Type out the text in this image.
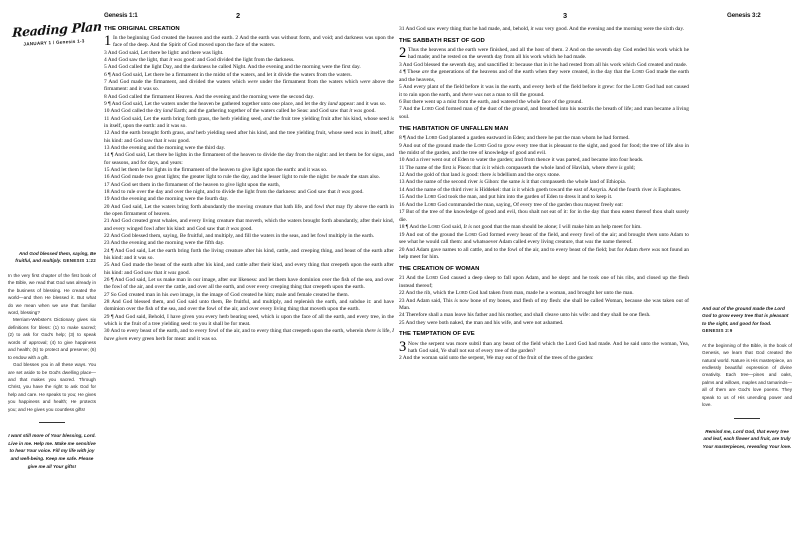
Reading Plan
JANUARY 1 / Genesis 1-3
Genesis 1:1	2	3	Genesis 3:2
And God blessed them, saying, Be fruitful, and multiply. GENESIS 1:22

In the very first chapter of the first book of the Bible, we read that God was already in the business of blessing. He created the world—and then He blessed it. But what do we mean when we use that familiar word, blessing?

Merriam-Webster's Dictionary gives six definitions for bless: (1) to make sacred; (2) to ask for God's help; (3) to speak words of approval; (4) to give happiness and health; (5) to protect and preserve; (6) to endow with a gift.

God blesses you in all these ways. You are set aside to be God's dwelling place—and that makes you sacred. Through Christ, you have the right to ask God for help and care. He speaks to you; He gives you happiness and health; He protects you; and He gives you countless gifts!

I want still more of Your blessing, Lord. Live in me. Help me. Make me sensitive to hear Your voice. Fill my life with joy and well-being. Keep me safe. Please give me all Your gifts!
And out of the ground made the Lord God to grow every tree that is pleasant to the sight, and good for food. GENESIS 2:9

At the beginning of the Bible, in the book of Genesis, we learn that God created the natural world. Nature is His masterpiece, an endlessly beautiful expression of divine creativity. Each tree—pines and oaks, palms and willows, maples and tamarinds—all of them are God's love poems. They speak to us of His unending power and love.

Remind me, Lord God, that every tree and leaf, each flower and fruit, are truly Your masterpieces, revealing Your love.
THE ORIGINAL CREATION
1 In the beginning God created the heaven and the earth. 2 And the earth was without form, and void; and darkness was upon the face of the deep. And the Spirit of God moved upon the face of the waters.

3 And God said, Let there be light: and there was light.

4 And God saw the light, that it was good: and God divided the light from the darkness.

5 And God called the light Day, and the darkness he called Night. And the evening and the morning were the first day.

6 ¶ And God said, Let there be a firmament in the midst of the waters, and let it divide the waters from the waters.

7 And God made the firmament, and divided the waters which were under the firmament from the waters which were above the firmament: and it was so.

8 And God called the firmament Heaven. And the evening and the morning were the second day.

9 ¶ And God said, Let the waters under the heaven be gathered together unto one place, and let the dry land appear: and it was so.

10 And God called the dry land Earth; and the gathering together of the waters called he Seas: and God saw that it was good.

11 And God said, Let the earth bring forth grass, the herb yielding seed, and the fruit tree yielding fruit after his kind, whose seed is in itself, upon the earth: and it was so.

12 And the earth brought forth grass, and herb yielding seed after his kind, and the tree yielding fruit, whose seed was in itself, after his kind: and God saw that it was good.

13 And the evening and the morning were the third day.

14 ¶ And God said, Let there be lights in the firmament of the heaven to divide the day from the night: and let them be for signs, and for seasons, and for days, and years:

15 And let them be for lights in the firmament of the heaven to give light upon the earth: and it was so.

16 And God made two great lights; the greater light to rule the day, and the lesser light to rule the night: he made the stars also.

17 And God set them in the firmament of the heaven to give light upon the earth,

18 And to rule over the day and over the night, and to divide the light from the darkness: and God saw that it was good.

19 And the evening and the morning were the fourth day.

20 And God said, Let the waters bring forth abundantly the moving creature that hath life, and fowl that may fly above the earth in the open firmament of heaven.

21 And God created great whales, and every living creature that moveth, which the waters brought forth abundantly, after their kind, and every winged fowl after his kind: and God saw that it was good.

22 And God blessed them, saying, Be fruitful, and multiply, and fill the waters in the seas, and let fowl multiply in the earth.

23 And the evening and the morning were the fifth day.

24 ¶ And God said, Let the earth bring forth the living creature after his kind, cattle, and creeping thing, and beast of the earth after his kind: and it was so.

25 And God made the beast of the earth after his kind, and cattle after their kind, and every thing that creepeth upon the earth after his kind: and God saw that it was good.

26 ¶ And God said, Let us make man in our image, after our likeness: and let them have dominion over the fish of the sea, and over the fowl of the air, and over the cattle, and over all the earth, and over every creeping thing that creepeth upon the earth.

27 So God created man in his own image, in the image of God created he him; male and female created he them.

28 And God blessed them, and God said unto them, Be fruitful, and multiply, and replenish the earth, and subdue it: and have dominion over the fish of the sea, and over the fowl of the air, and over every living thing that moveth upon the earth.

29 ¶ And God said, Behold, I have given you every herb bearing seed, which is upon the face of all the earth, and every tree, in the which is the fruit of a tree yielding seed: to you it shall be for meat.

30 And to every beast of the earth, and to every fowl of the air, and to every thing that creepeth upon the earth, wherein there is life, I have given every green herb for meat: and it was so.

31 And God saw every thing that he had made, and, behold, it was very good. And the evening and the morning were the sixth day.

THE SABBATH REST OF GOD
2 Thus the heavens and the earth were finished, and all the host of them. 2 And on the seventh day God ended his work which he had made; and he rested on the seventh day from all his work which he had made.

3 And God blessed the seventh day, and sanctified it: because that in it he had rested from all his work which God created and made.

4 ¶ These are the generations of the heavens and of the earth when they were created, in the day that the Lord God made the earth and the heavens,

5 And every plant of the field before it was in the earth, and every herb of the field before it grew: for the Lord God had not caused it to rain upon the earth, and there was not a man to till the ground.

6 But there went up a mist from the earth, and watered the whole face of the ground.

7 And the Lord God formed man of the dust of the ground, and breathed into his nostrils the breath of life; and man became a living soul.

THE HABITATION OF UNFALLEN MAN

8 ¶ And the Lord God planted a garden eastward in Eden; and there he put the man whom he had formed.

9 And out of the ground made the Lord God to grow every tree that is pleasant to the sight, and good for food; the tree of life also in the midst of the garden, and the tree of knowledge of good and evil.

10 And a river went out of Eden to water the garden; and from thence it was parted, and became into four heads.

11 The name of the first is Pison: that is it which compasseth the whole land of Havilah, where there is gold;

12 And the gold of that land is good: there is bdellium and the onyx stone.

13 And the name of the second river is Gihon: the same is it that compasseth the whole land of Ethiopia.

14 And the name of the third river is Hiddekel: that is it which goeth toward the east of Assyria. And the fourth river is Euphrates.

15 And the Lord God took the man, and put him into the garden of Eden to dress it and to keep it.

16 And the Lord God commanded the man, saying, Of every tree of the garden thou mayest freely eat:

17 But of the tree of the knowledge of good and evil, thou shalt not eat of it: for in the day that thou eatest thereof thou shalt surely die.

18 ¶ And the Lord God said, It is not good that the man should be alone; I will make him an help meet for him.

19 And out of the ground the Lord God formed every beast of the field, and every fowl of the air; and brought them unto Adam to see what he would call them: and whatsoever Adam called every living creature, that was the name thereof.

20 And Adam gave names to all cattle, and to the fowl of the air, and to every beast of the field; but for Adam there was not found an help meet for him.

THE CREATION OF WOMAN

21 And the Lord God caused a deep sleep to fall upon Adam, and he slept: and he took one of his ribs, and closed up the flesh instead thereof;

22 And the rib, which the Lord God had taken from man, made he a woman, and brought her unto the man.

23 And Adam said, This is now bone of my bones, and flesh of my flesh: she shall be called Woman, because she was taken out of Man.

24 Therefore shall a man leave his father and his mother, and shall cleave unto his wife: and they shall be one flesh.

25 And they were both naked, the man and his wife, and were not ashamed.

THE TEMPTATION OF EVE
3 Now the serpent was more subtil than any beast of the field which the Lord God had made. And he said unto the woman, Yea, hath God said, Ye shall not eat of every tree of the garden?

2 And the woman said unto the serpent, We may eat of the fruit of the trees of the garden:
